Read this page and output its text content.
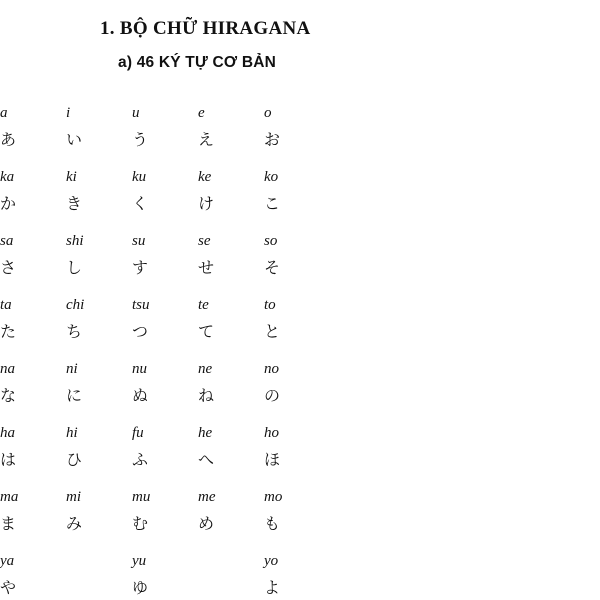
1. BỘ CHỮ HIRAGANA
a) 46 KÝ TỰ CƠ BẢN
a	i	u	e	o
あ	い	う	え	お

ka	ki	ku	ke	ko
か	き	く	け	こ

sa	shi	su	se	so
さ	し	す	せ	そ

ta	chi	tsu	te	to
た	ち	つ	て	と

na	ni	nu	ne	no
な	に	ぬ	ね	の

ha	hi	fu	he	ho
は	ひ	ふ	へ	ほ

ma	mi	mu	me	mo
ま	み	む	め	も

ya		yu		yo
や		ゆ		よ
